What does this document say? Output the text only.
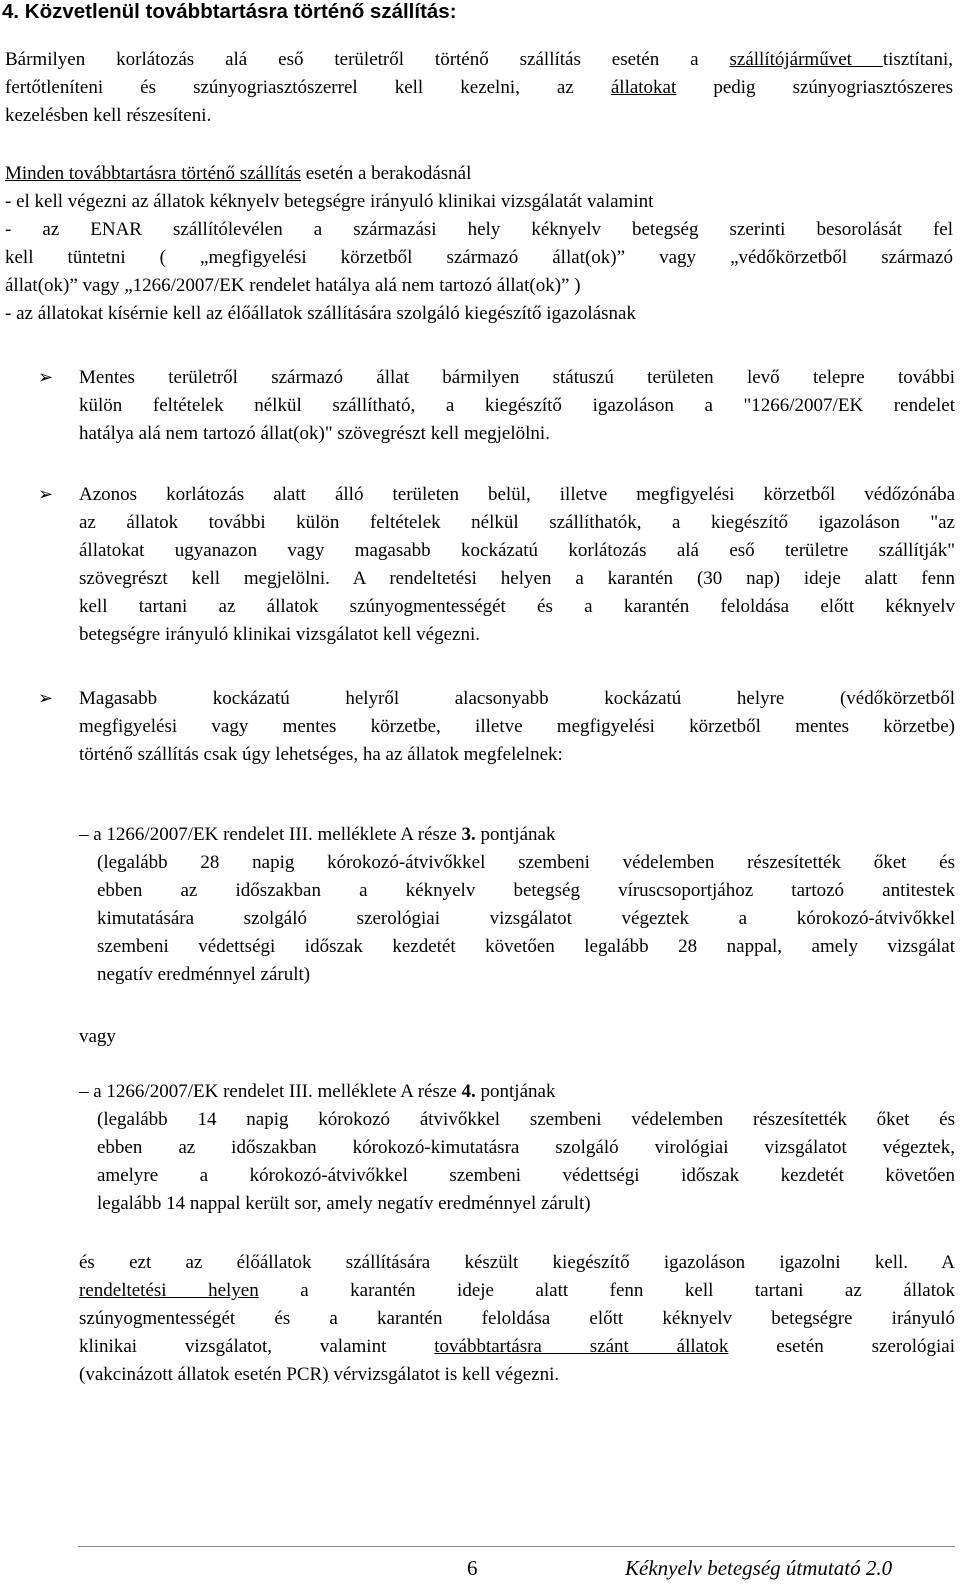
4. Közvetlenül továbbtartásra történő szállítás:
Bármilyen korlátozás alá eső területről történő szállítás esetén a szállítójárművet tisztítani,
fertőtleníteni és szúnyogriasztószerrel kell kezelni, az állatokat pedig szúnyogriasztószeres
kezelésben kell részesíteni.
Minden továbbtartásra történő szállítás esetén a berakodásnál
- el kell végezni az állatok kéknyelv betegségre irányuló klinikai vizsgálatát valamint
- az ENAR szállítólevélen a származási hely kéknyelv betegség szerinti besorolását fel
kell tüntetni ( „megfigyelési körzetből származó állat(ok)” vagy „védőkörzetből származó
állat(ok)” vagy „1266/2007/EK rendelet hatálya alá nem tartozó állat(ok)” )
- az állatokat kísérnie kell az élőállatok szállítására szolgáló kiegészítő igazolásnak
➢ Mentes területről származó állat bármilyen státuszú területen levő telepre további
külön feltételek nélkül szállítható, a kiegészítő igazoláson a "1266/2007/EK rendelet
hatálya alá nem tartozó állat(ok)" szövegrészt kell megjelölni.
➢ Azonos korlátozás alatt álló területen belül, illetve megfigyelési körzetből védőzónába
az állatok további külön feltételek nélkül szállíthatók, a kiegészítő igazoláson "az
állatokat ugyanazon vagy magasabb kockázatú korlátozás alá eső területre szállítják"
szövegrészt kell megjelölni. A rendeltetési helyen a karantén (30 nap) ideje alatt fenn
kell tartani az állatok szúnyogmentességét és a karantén feloldása előtt kéknyelv
betegségre irányuló klinikai vizsgálatot kell végezni.
➢ Magasabb kockázatú helyről alacsonyabb kockázatú helyre (védőkörzetből
megfigyelési vagy mentes körzetbe, illetve megfigyelési körzetből mentes körzetbe)
történő szállítás csak úgy lehetséges, ha az állatok megfelelnek:
– a 1266/2007/EK rendelet III. melléklete A része 3. pontjának
(legalább 28 napig kórokozó-átvivőkkel szembeni védelemben részesítették őket és
ebben az időszakban a kéknyelv betegség víruscsoportjához tartozó antitestek
kimutatására szolgáló szerológiai vizsgálatot végeztek a kórokozó-átvivőkkel
szembeni védettségi időszak kezdetét követően legalább 28 nappal, amely vizsgálat
negatív eredménnyel zárult)
vagy
– a 1266/2007/EK rendelet III. melléklete A része 4. pontjának
(legalább 14 napig kórokozó átvivőkkel szembeni védelemben részesítették őket és
ebben az időszakban kórokozó-kimutatásra szolgáló virológiai vizsgálatot végeztek,
amelyre a kórokozó-átvivőkkel szembeni védettségi időszak kezdetét követően
legalább 14 nappal került sor, amely negatív eredménnyel zárult)
és ezt az élőállatok szállítására készült kiegészítő igazoláson igazolni kell. A
rendeltetési helyen a karantén ideje alatt fenn kell tartani az állatok
szúnyogmentességét és a karantén feloldása előtt kéknyelv betegségre irányuló
klinikai vizsgálatot, valamint továbbtartásra szánt állatok esetén szerológiai
(vakcinázott állatok esetén PCR) vérvizsgálatot is kell végezni.
6	Kéknyelv betegség útmutató 2.0
